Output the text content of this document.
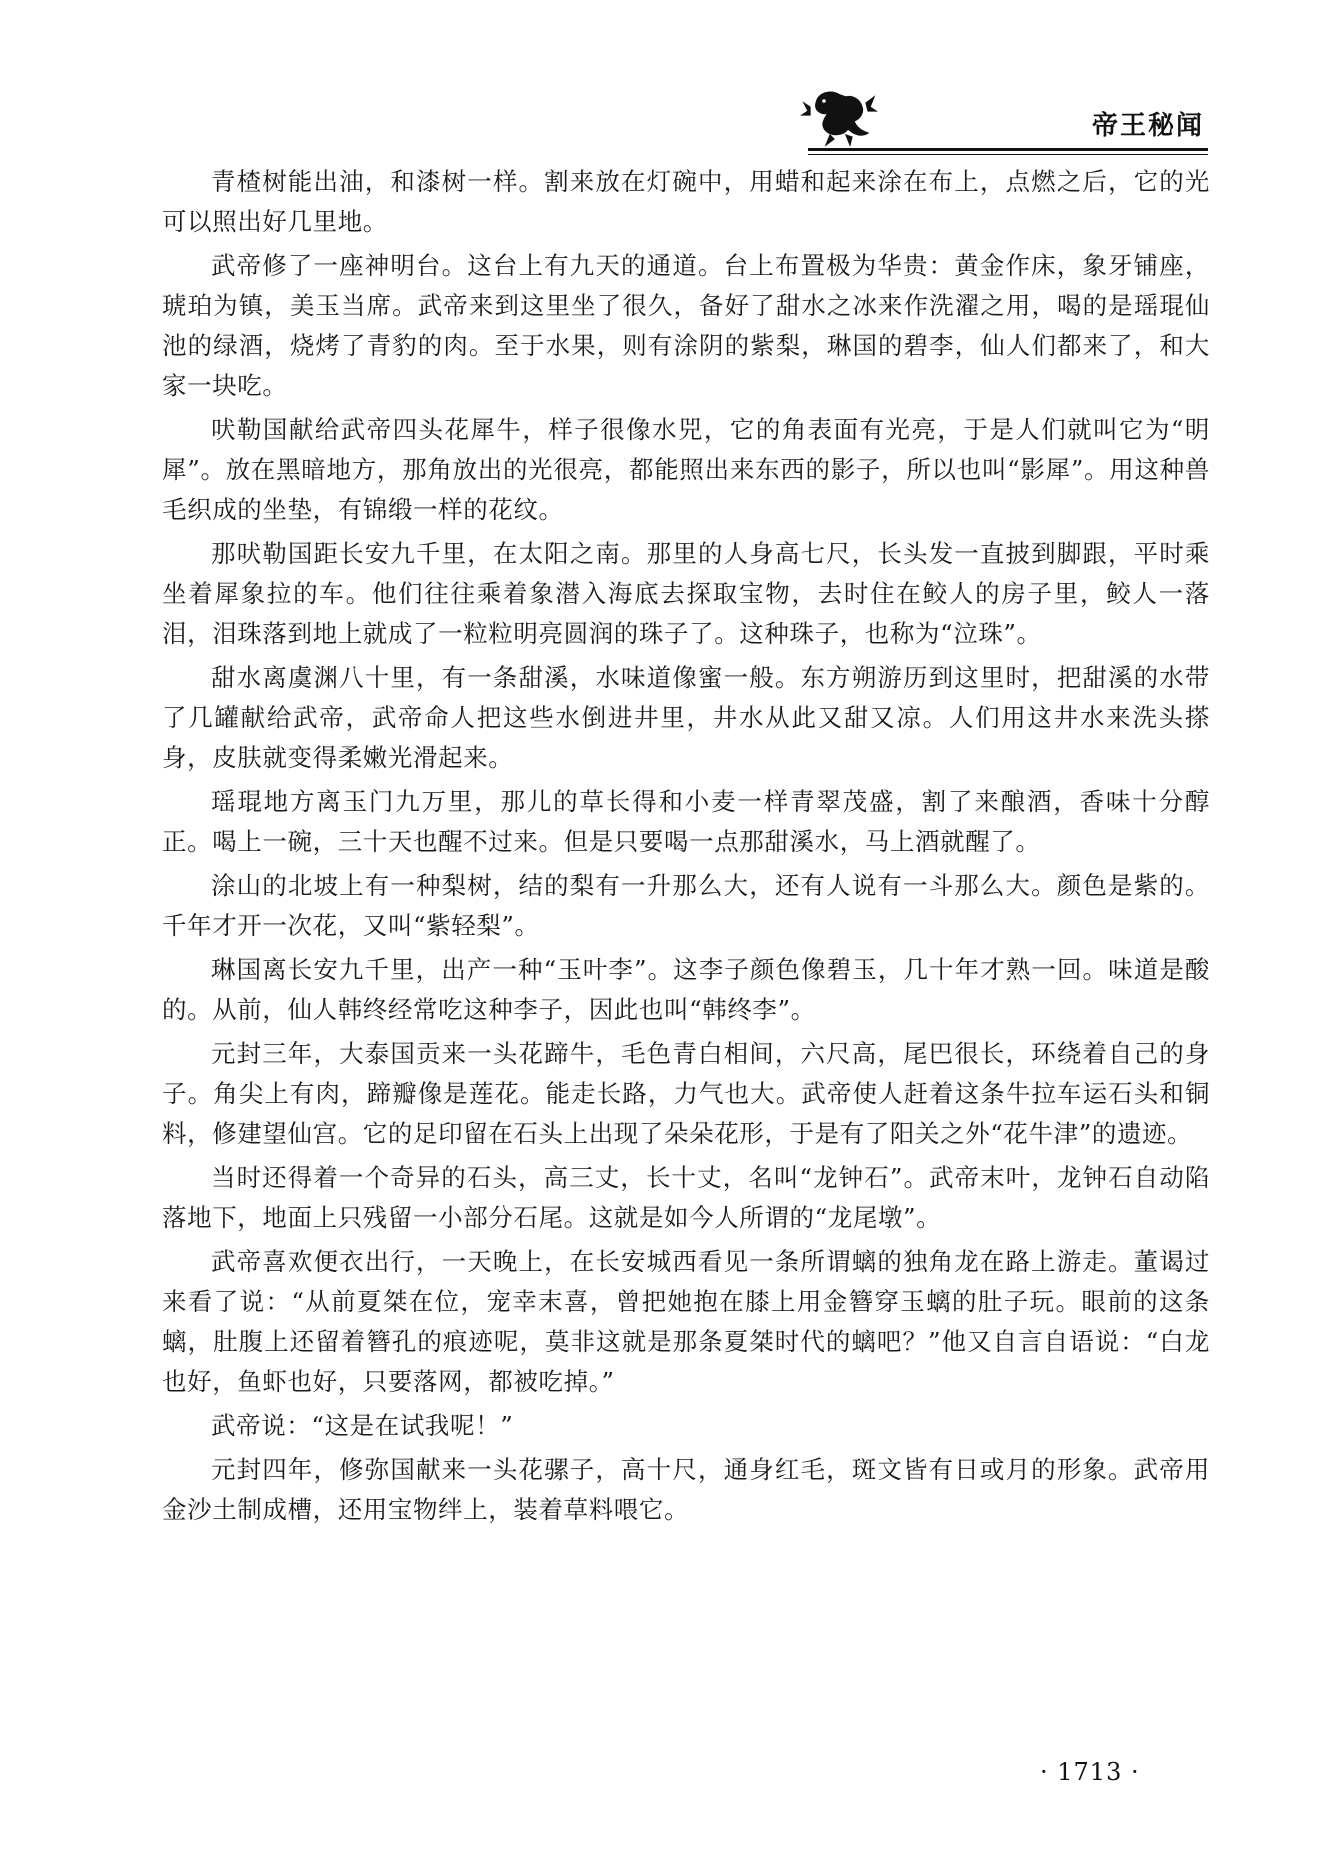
帝王秘闻

青楂树能出油，和漆树一样。割来放在灯碗中，用蜡和起来涂在布上，点燃之后，它的光可以照出好几里地。

武帝修了一座神明台。这台上有九天的通道。台上布置极为华贵：黄金作床，象牙铺座，琥珀为镇，美玉当席。武帝来到这里坐了很久，备好了甜水之冰来作洗濯之用，喝的是瑶琨仙池的绿酒，烧烤了青豹的肉。至于水果，则有涂阴的紫梨，琳国的碧李，仙人们都来了，和大家一块吃。

吠勒国献给武帝四头花犀牛，样子很像水兕，它的角表面有光亮，于是人们就叫它为“明犀”。放在黑暗地方，那角放出的光很亮，都能照出来东西的影子，所以也叫“影犀”。用这种兽毛织成的坐垫，有锦缎一样的花纹。

那吠勒国距长安九千里，在太阳之南。那里的人身高七尺，长头发一直披到脚跟，平时乘坐着犀象拉的车。他们往往乘着象潜入海底去探取宝物，去时住在鲛人的房子里，鲛人一落泪，泪珠落到地上就成了一粒粒明亮圆润的珠子了。这种珠子，也称为“泣珠”。

甜水离虞渊八十里，有一条甜溪，水味道像蜜一般。东方朔游历到这里时，把甜溪的水带了几罐献给武帝，武帝命人把这些水倒进井里，井水从此又甜又凉。人们用这井水来洗头搽身，皮肤就变得柔嫩光滑起来。

瑶琨地方离玉门九万里，那儿的草长得和小麦一样青翠茂盛，割了来酿酒，香味十分醇正。喝上一碗，三十天也醒不过来。但是只要喝一点那甜溪水，马上酒就醒了。

涂山的北坡上有一种梨树，结的梨有一升那么大，还有人说有一斗那么大。颜色是紫的。千年才开一次花，又叫“紫轻梨”。

琳国离长安九千里，出产一种“玉叶李”。这李子颜色像碧玉，几十年才熟一回。味道是酸的。从前，仙人韩终经常吃这种李子，因此也叫“韩终李”。

元封三年，大泰国贡来一头花蹄牛，毛色青白相间，六尺高，尾巴很长，环绕着自己的身子。角尖上有肉，蹄瓣像是莲花。能走长路，力气也大。武帝使人赶着这条牛拉车运石头和铜料，修建望仙宫。它的足印留在石头上出现了朵朵花形，于是有了阳关之外“花牛津”的遗迹。

当时还得着一个奇异的石头，高三丈，长十丈，名叫“龙钟石”。武帝末叶，龙钟石自动陷落地下，地面上只残留一小部分石尾。这就是如今人所谓的“龙尾墩”。

武帝喜欢便衣出行，一天晚上，在长安城西看见一条所谓螭的独角龙在路上游走。董谒过来看了说：“从前夏桀在位，宠幸末喜，曾把她抱在膝上用金簪穿玉螭的肚子玩。眼前的这条螭，肚腹上还留着簪孔的痕迹呢，莫非这就是那条夏桀时代的螭吧？”他又自言自语说：“白龙也好，鱼虾也好，只要落网，都被吃掉。”

武帝说：“这是在试我呢！”

元封四年，修弥国献来一头花骡子，高十尺，通身红毛，斑文皆有日或月的形象。武帝用金沙土制成槽，还用宝物绊上，装着草料喂它。

· 1713 ·
